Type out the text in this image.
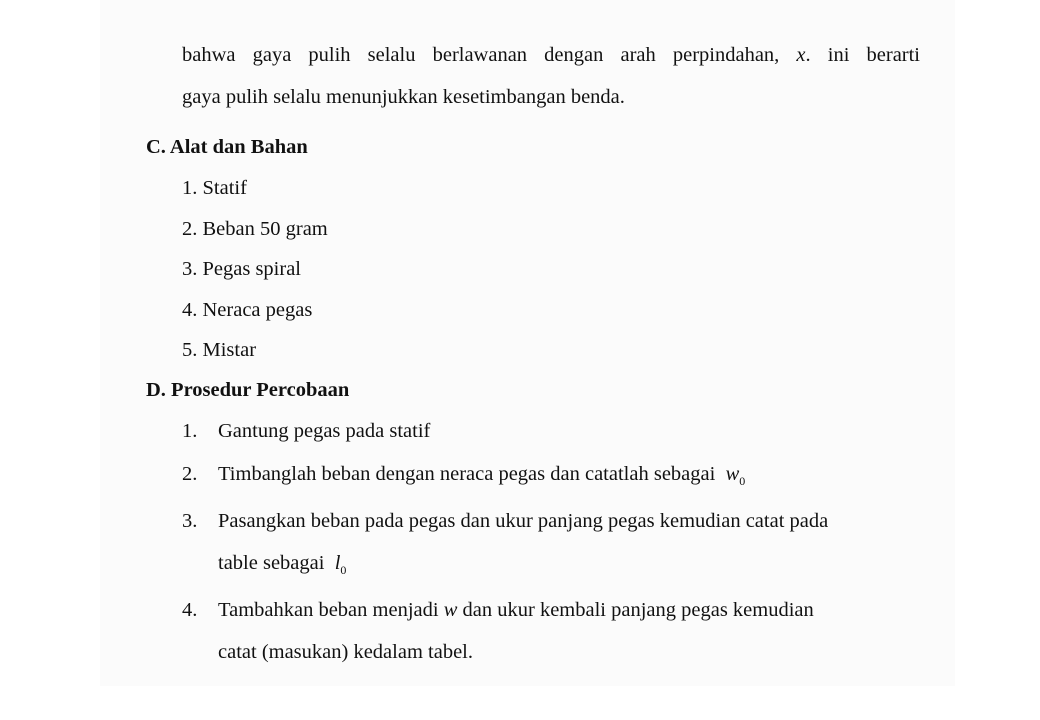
bahwa gaya pulih selalu berlawanan dengan arah perpindahan, x. ini berarti
gaya pulih selalu menunjukkan kesetimbangan benda.
C. Alat dan Bahan
1. Statif
2. Beban 50 gram
3. Pegas spiral
4. Neraca pegas
5. Mistar
D. Prosedur Percobaan
1. Gantung pegas pada statif
2. Timbanglah beban dengan neraca pegas dan catatlah sebagai $w_0$
3. Pasangkan beban pada pegas dan ukur panjang pegas kemudian catat pada
table sebagai $l_0$
4. Tambahkan beban menjadi w dan ukur kembali panjang pegas kemudian
catat (masukan) kedalam tabel.
